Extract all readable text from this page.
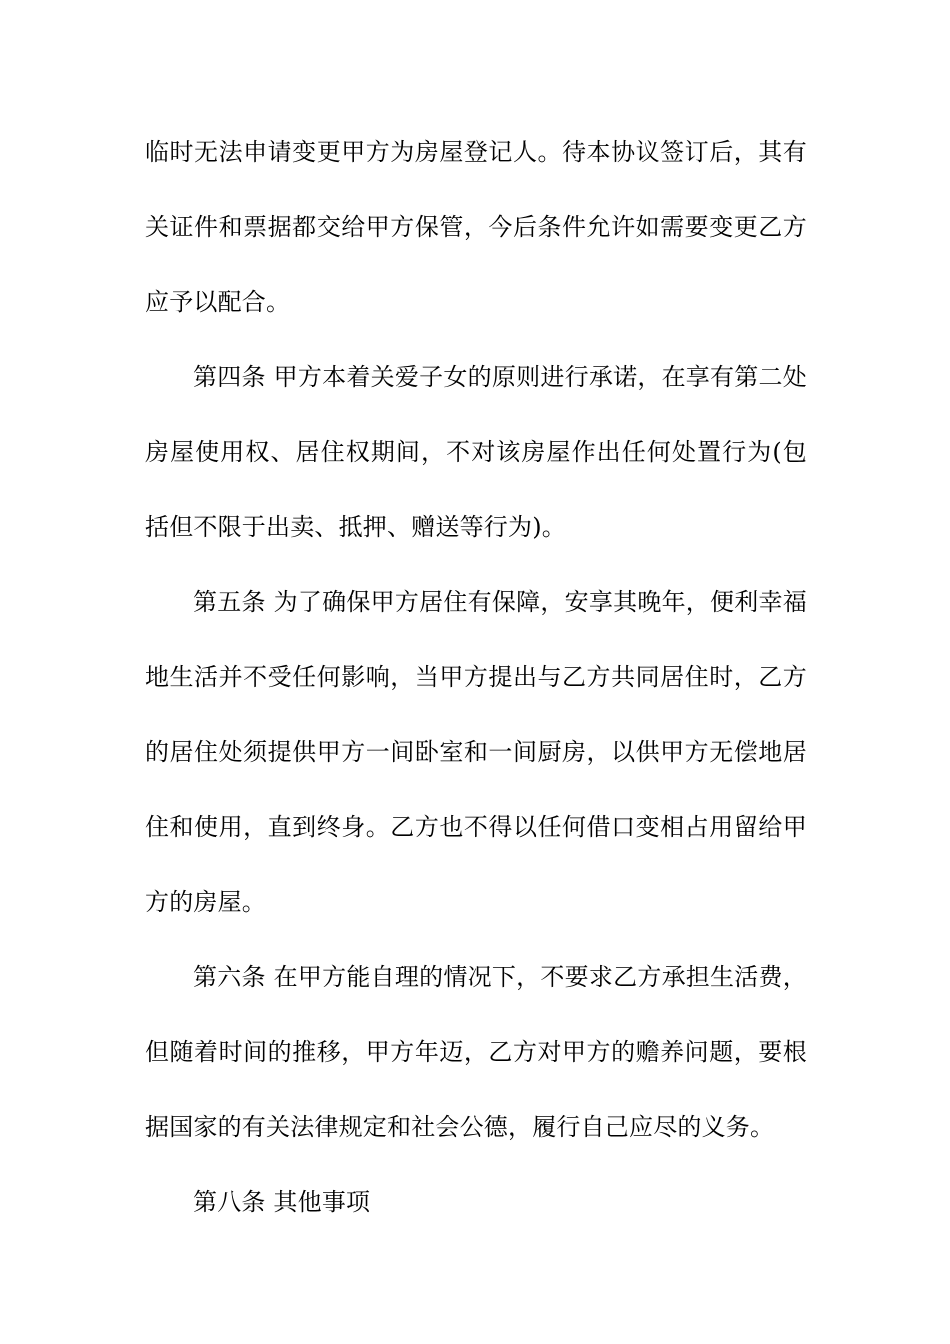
临时无法申请变更甲方为房屋登记人。待本协议签订后，其有关证件和票据都交给甲方保管，今后条件允许如需要变更乙方应予以配合。

第四条 甲方本着关爱子女的原则进行承诺，在享有第二处房屋使用权、居住权期间，不对该房屋作出任何处置行为(包括但不限于出卖、抵押、赠送等行为)。

第五条 为了确保甲方居住有保障，安享其晚年，便利幸福地生活并不受任何影响，当甲方提出与乙方共同居住时，乙方的居住处须提供甲方一间卧室和一间厨房，以供甲方无偿地居住和使用，直到终身。乙方也不得以任何借口变相占用留给甲方的房屋。

第六条 在甲方能自理的情况下，不要求乙方承担生活费，但随着时间的推移，甲方年迈，乙方对甲方的赡养问题，要根据国家的有关法律规定和社会公德，履行自己应尽的义务。

第八条 其他事项
